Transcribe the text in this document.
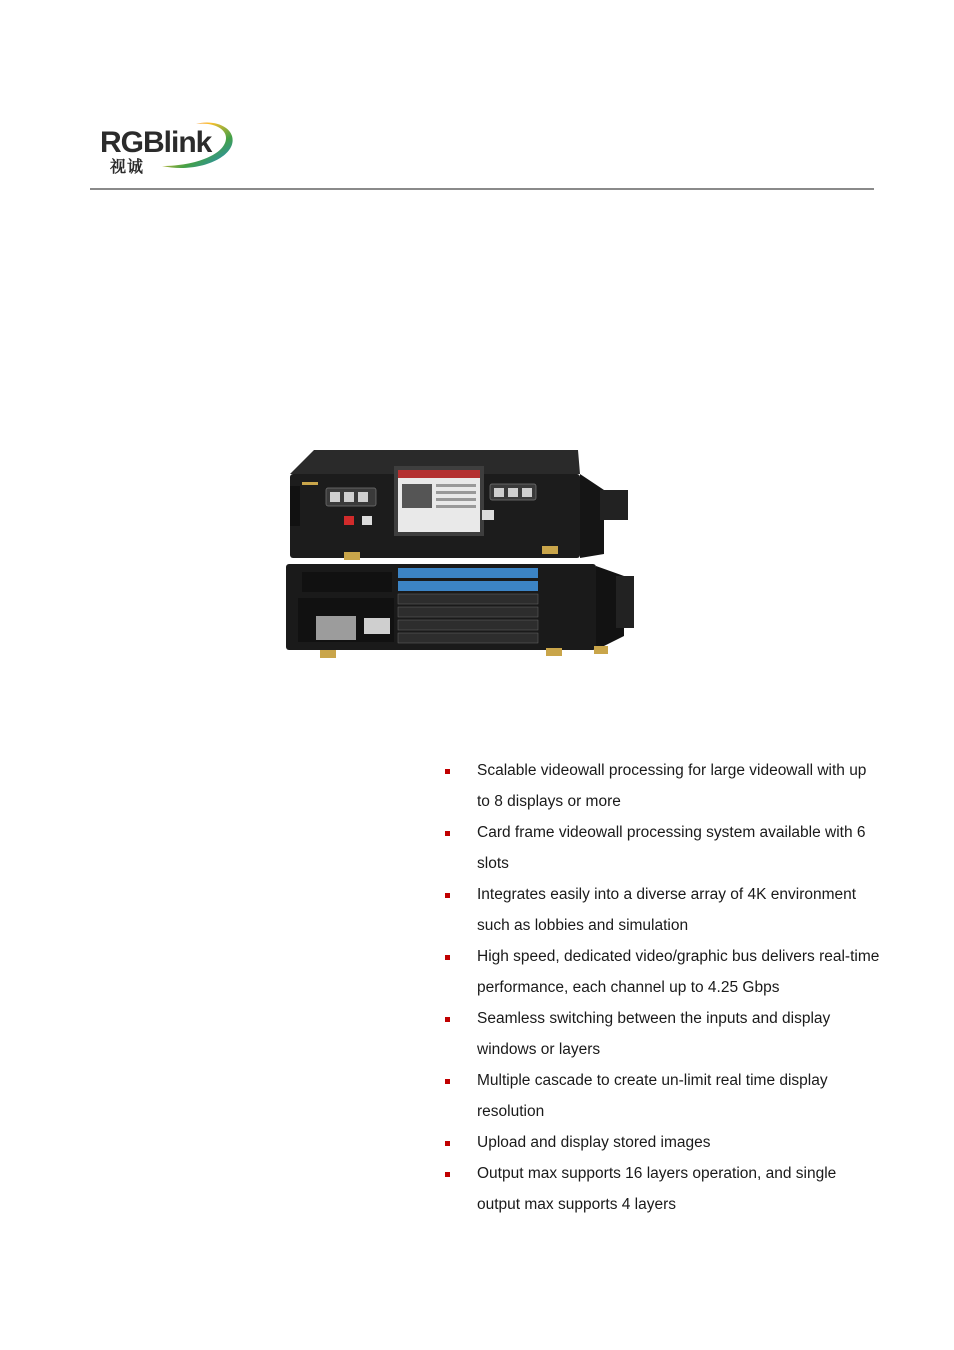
RGBlink
视诚
Scalable videowall processing for large videowall with up to 8 displays or more
Card frame videowall processing system available with 6 slots
Integrates easily into a diverse array of 4K environment such as lobbies and simulation
High speed, dedicated video/graphic bus delivers real-time performance, each channel up to 4.25 Gbps
Seamless switching between the inputs and display windows or layers
Multiple cascade to create un-limit real time display resolution
Upload and display stored images
Output max supports 16 layers operation, and single output max supports 4 layers
